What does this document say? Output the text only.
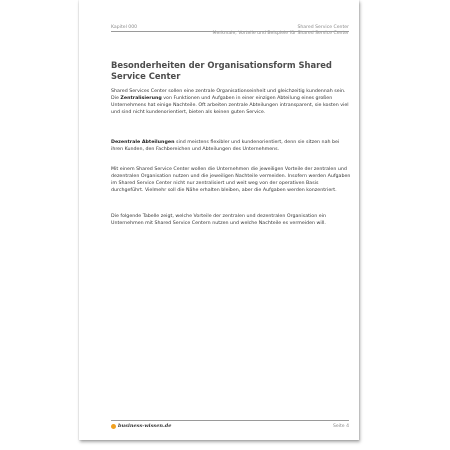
Kapitel 000	Shared Service Center
Merkmale, Vorteile und Beispiele für Shared Service Center
Besonderheiten der Organisationsform Shared Service Center
Shared Services Center sollen eine zentrale Organisationseinheit und gleichzeitig kundennah sein. Die Zentralisierung von Funktionen und Aufgaben in einer einzigen Abteilung eines großen Unternehmens hat einige Nachteile. Oft arbeiten zentrale Abteilungen intransparent, sie kosten viel und sind nicht kundenorientiert, bieten als keinen guten Service.
Dezentrale Abteilungen sind meistens flexibler und kundenorientiert, denn sie sitzen nah bei ihren Kunden, den Fachbereichen und Abteilungen des Unternehmens.
Mit einem Shared Service Center wollen die Unternehmen die jeweiligen Vorteile der zentralen und dezentralen Organisation nutzen und die jeweiligen Nachteile vermeiden. Insofern werden Aufgaben im Shared Service Center nicht nur zentralisiert und weit weg von der operativen Basis durchgeführt. Vielmehr soll die Nähe erhalten bleiben, aber die Aufgaben werden konzentriert.
Die folgende Tabelle zeigt, welche Vorteile der zentralen und dezentralen Organisation ein Unternehmen mit Shared Service Centern nutzen und welche Nachteile es vermeiden will.
business-wissen.de	Seite 4
